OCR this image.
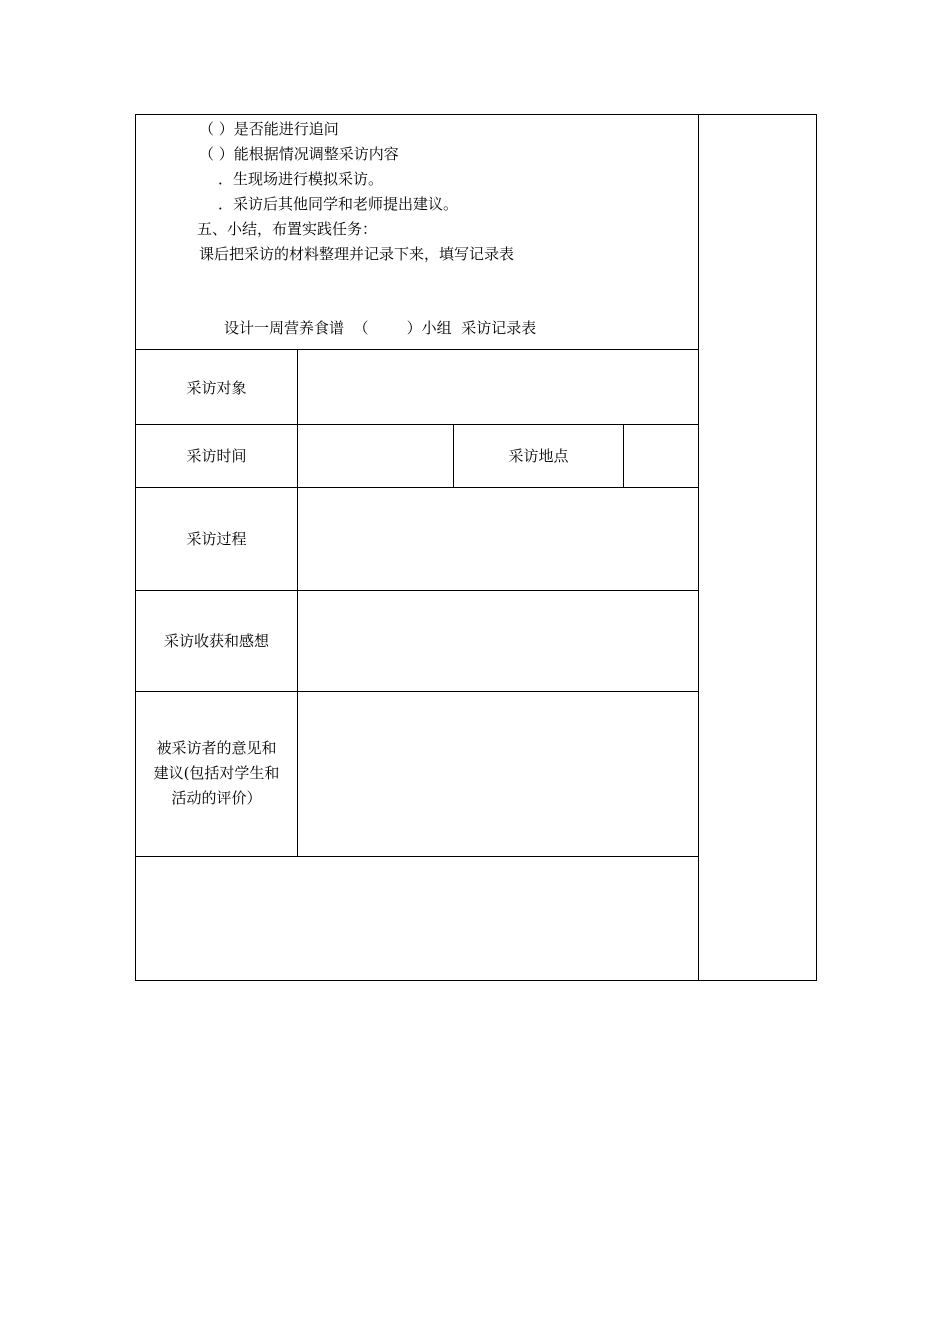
（ ）是否能进行追问
（ ）能根据情况调整采访内容
．生现场进行模拟采访。
．采访后其他同学和老师提出建议。
五、小结，布置实践任务：
课后把采访的材料整理并记录下来，填写记录表
设计一周营养食谱  （        ）小组  采访记录表
采访对象
采访时间	采访地点
采访过程
采访收获和感想
被采访者的意见和
建议(包括对学生和
活动的评价）
